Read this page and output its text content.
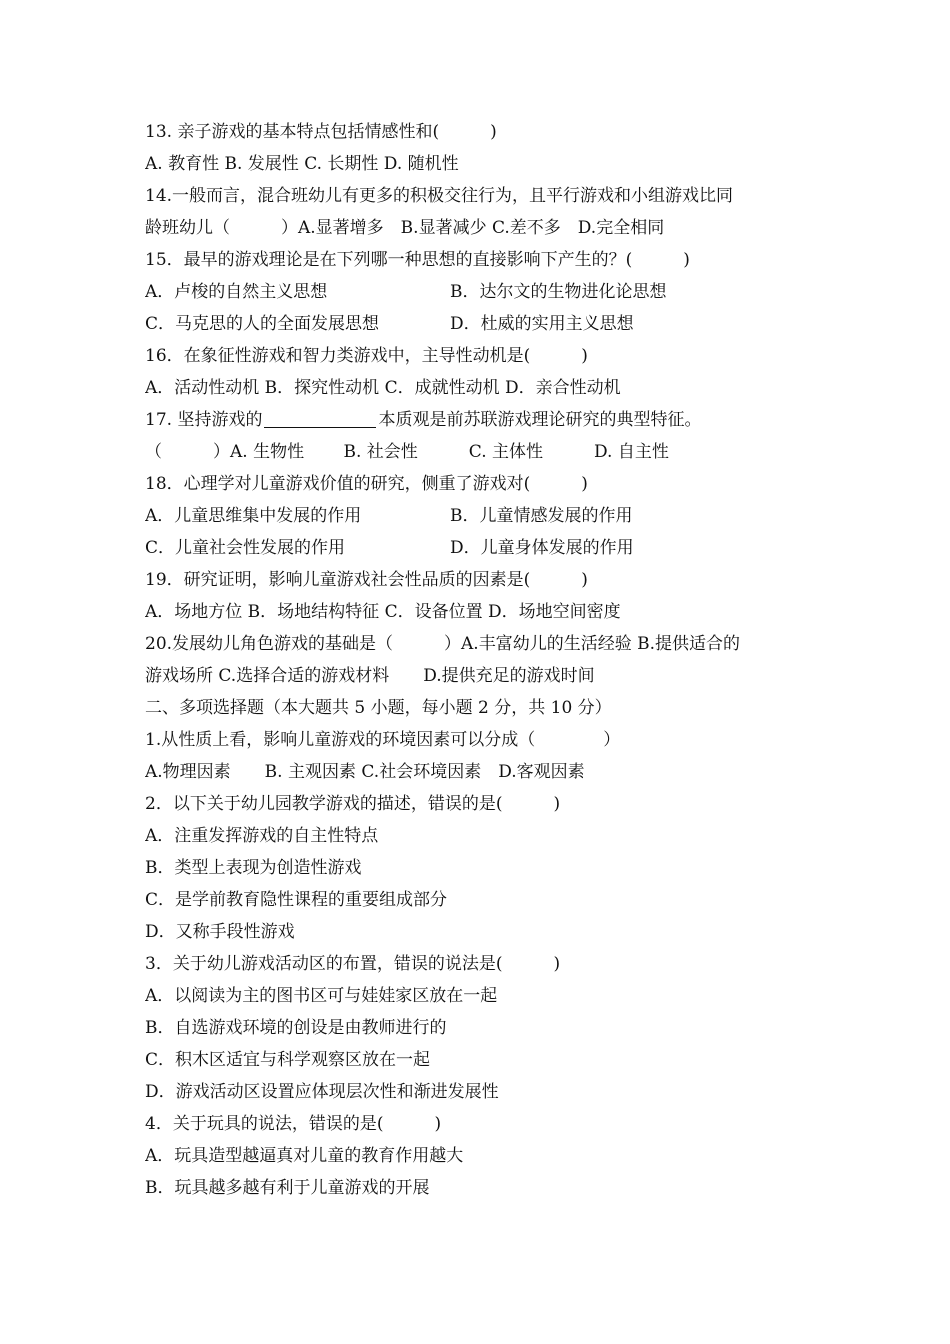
13. 亲子游戏的基本特点包括情感性和(　　　)
A. 教育性 B. 发展性 C. 长期性 D. 随机性
14.一般而言，混合班幼儿有更多的积极交往行为，且平行游戏和小组游戏比同
龄班幼儿（　　　）A.显著增多　B.显著减少 C.差不多　D.完全相同
15．最早的游戏理论是在下列哪一种思想的直接影响下产生的？(　　　)
A．卢梭的自然主义思想	B．达尔文的生物进化论思想
C．马克思的人的全面发展思想	D．杜威的实用主义思想
16．在象征性游戏和智力类游戏中，主导性动机是(　　　)
A．活动性动机 B．探究性动机 C．成就性动机 D．亲合性动机
17. 坚持游戏的	本质观是前苏联游戏理论研究的典型特征。
（　　　）A. 生物性　　 B. 社会性　　　C. 主体性　　　D. 自主性
18．心理学对儿童游戏价值的研究，侧重了游戏对(　　　)
A．儿童思维集中发展的作用	B．儿童情感发展的作用
C．儿童社会性发展的作用	D．儿童身体发展的作用
19．研究证明，影响儿童游戏社会性品质的因素是(　　　)
A．场地方位 B．场地结构特征 C．设备位置 D．场地空间密度
20.发展幼儿角色游戏的基础是（　　　）A.丰富幼儿的生活经验 B.提供适合的
游戏场所 C.选择合适的游戏材料　　D.提供充足的游戏时间
二、多项选择题（本大题共 5 小题，每小题 2 分，共 10 分）
1.从性质上看，影响儿童游戏的环境因素可以分成（　　　　）
A.物理因素　　B. 主观因素 C.社会环境因素　D.客观因素
2．以下关于幼儿园教学游戏的描述，错误的是(　　　)
A．注重发挥游戏的自主性特点
B．类型上表现为创造性游戏
C．是学前教育隐性课程的重要组成部分
D．又称手段性游戏
3．关于幼儿游戏活动区的布置，错误的说法是(　　　)
A．以阅读为主的图书区可与娃娃家区放在一起
B．自选游戏环境的创设是由教师进行的
C．积木区适宜与科学观察区放在一起
D．游戏活动区设置应体现层次性和渐进发展性
4．关于玩具的说法，错误的是(　　　)
A．玩具造型越逼真对儿童的教育作用越大
B．玩具越多越有利于儿童游戏的开展
